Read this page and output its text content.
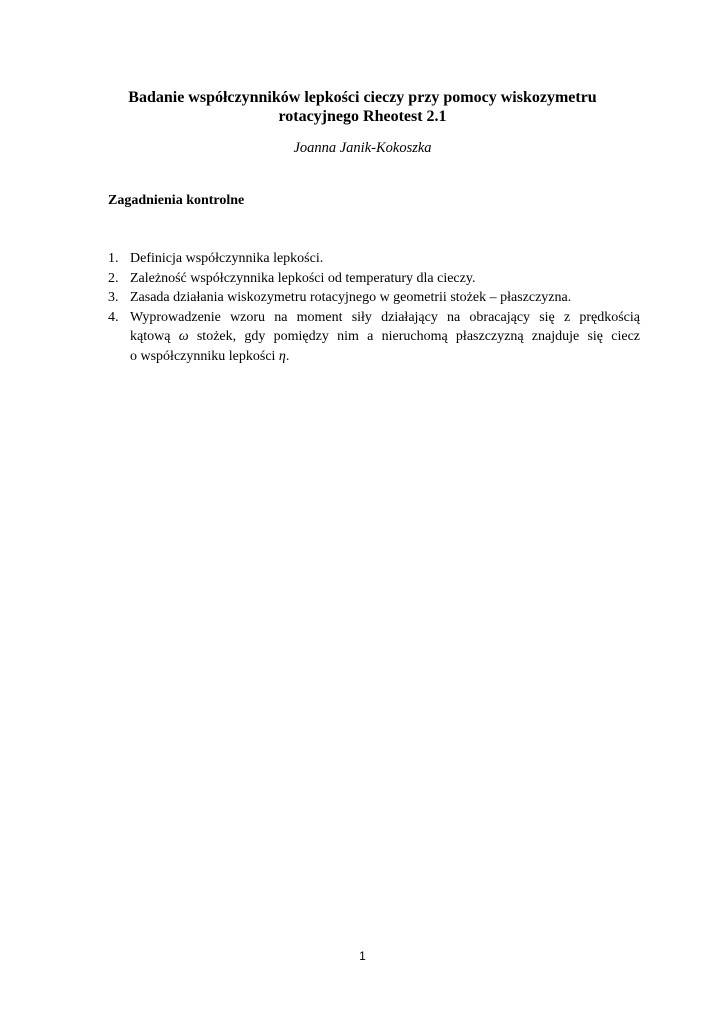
Badanie współczynników lepkości cieczy przy pomocy wiskozymetru
rotacyjnego Rheotest 2.1
Joanna Janik-Kokoszka
Zagadnienia kontrolne
1. Definicja współczynnika lepkości.
2. Zależność współczynnika lepkości od temperatury dla cieczy.
3. Zasada działania wiskozymetru rotacyjnego w geometrii stożek – płaszczyzna.
4. Wyprowadzenie wzoru na moment siły działający na obracający się z prędkością
kątową ω stożek, gdy pomiędzy nim a nieruchomą płaszczyzną znajduje się ciecz
o współczynniku lepkości η.
1
